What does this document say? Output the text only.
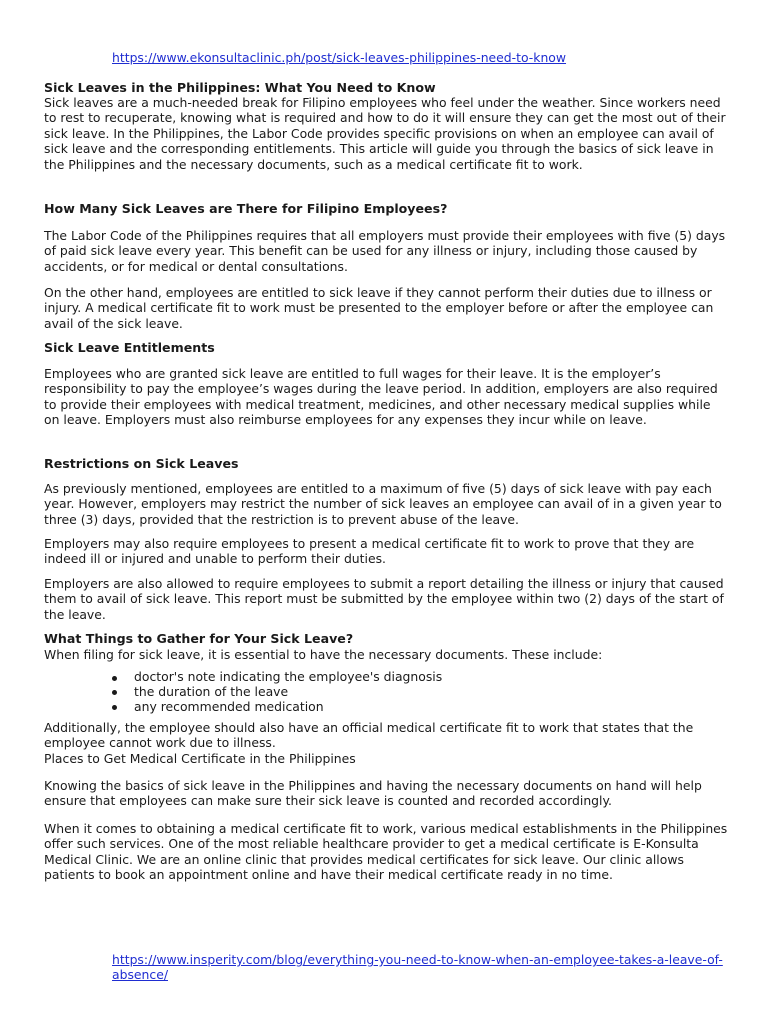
https://www.ekonsultaclinic.ph/post/sick-leaves-philippines-need-to-know

Sick Leaves in the Philippines: What You Need to Know

Sick leaves are a much-needed break for Filipino employees who feel under the weather. Since workers need to rest to recuperate, knowing what is required and how to do it will ensure they can get the most out of their sick leave. In the Philippines, the Labor Code provides specific provisions on when an employee can avail of sick leave and the corresponding entitlements. This article will guide you through the basics of sick leave in the Philippines and the necessary documents, such as a medical certificate fit to work.

How Many Sick Leaves are There for Filipino Employees?

The Labor Code of the Philippines requires that all employers must provide their employees with five (5) days of paid sick leave every year. This benefit can be used for any illness or injury, including those caused by accidents, or for medical or dental consultations.

On the other hand, employees are entitled to sick leave if they cannot perform their duties due to illness or injury. A medical certificate fit to work must be presented to the employer before or after the employee can avail of the sick leave.

Sick Leave Entitlements

Employees who are granted sick leave are entitled to full wages for their leave. It is the employer’s responsibility to pay the employee’s wages during the leave period. In addition, employers are also required to provide their employees with medical treatment, medicines, and other necessary medical supplies while on leave. Employers must also reimburse employees for any expenses they incur while on leave.

Restrictions on Sick Leaves

As previously mentioned, employees are entitled to a maximum of five (5) days of sick leave with pay each year. However, employers may restrict the number of sick leaves an employee can avail of in a given year to three (3) days, provided that the restriction is to prevent abuse of the leave.

Employers may also require employees to present a medical certificate fit to work to prove that they are indeed ill or injured and unable to perform their duties.

Employers are also allowed to require employees to submit a report detailing the illness or injury that caused them to avail of sick leave. This report must be submitted by the employee within two (2) days of the start of the leave.

What Things to Gather for Your Sick Leave?

When filing for sick leave, it is essential to have the necessary documents. These include:

doctor's note indicating the employee's diagnosis
the duration of the leave
any recommended medication

Additionally, the employee should also have an official medical certificate fit to work that states that the employee cannot work due to illness.

Places to Get Medical Certificate in the Philippines

Knowing the basics of sick leave in the Philippines and having the necessary documents on hand will help ensure that employees can make sure their sick leave is counted and recorded accordingly.

When it comes to obtaining a medical certificate fit to work, various medical establishments in the Philippines offer such services. One of the most reliable healthcare provider to get a medical certificate is E-Konsulta Medical Clinic. We are an online clinic that provides medical certificates for sick leave. Our clinic allows patients to book an appointment online and have their medical certificate ready in no time.

https://www.insperity.com/blog/everything-you-need-to-know-when-an-employee-takes-a-leave-of-absence/
